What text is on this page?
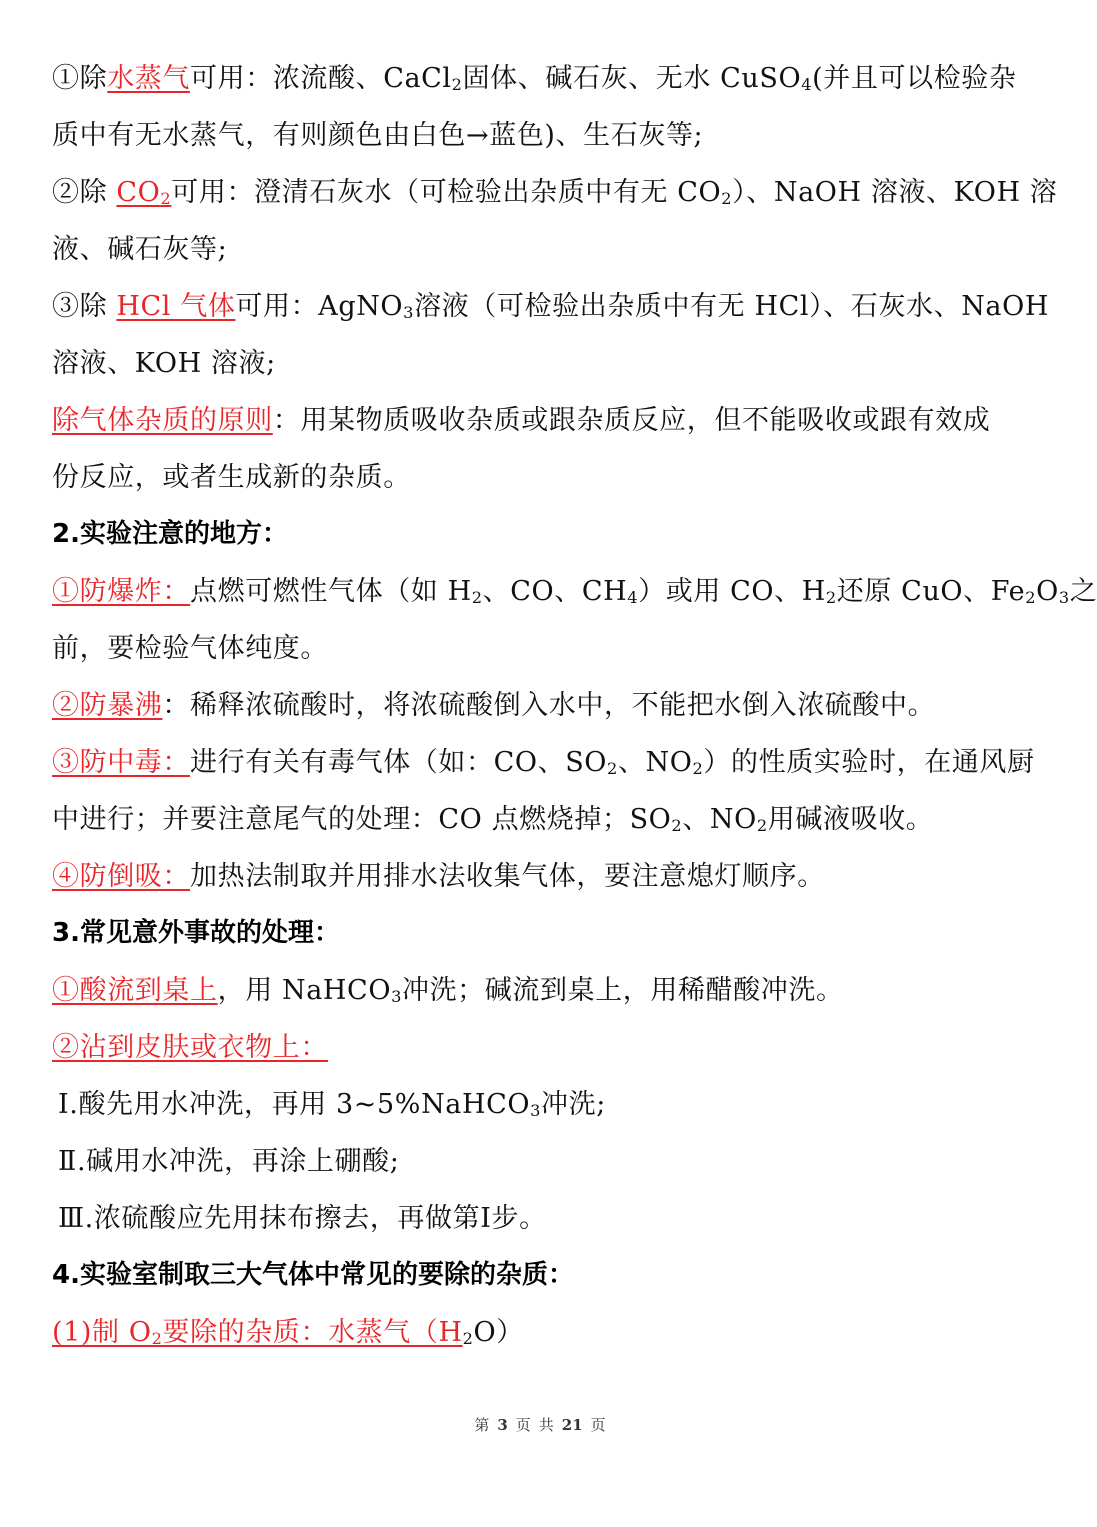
①除水蒸气可用：浓流酸、CaCl$_2$固体、碱石灰、无水 CuSO$_4$(并且可以检验杂
质中有无水蒸气，有则颜色由白色→蓝色)、生石灰等;
②除 $CO_2$可用：澄清石灰水（可检验出杂质中有无 $CO_2$）、NaOH 溶液、KOH 溶
液、碱石灰等;
③除 HCl 气体可用：AgNO$_3$溶液（可检验出杂质中有无 HCl）、石灰水、NaOH
溶液、KOH 溶液;
除气体杂质的原则：用某物质吸收杂质或跟杂质反应，但不能吸收或跟有效成
份反应，或者生成新的杂质。
2.实验注意的地方：
①防爆炸：点燃可燃性气体（如 $H_2$、CO、$CH_4$）或用 CO、$H_2$还原 CuO、$Fe_2O_3$之
前，要检验气体纯度。
②防暴沸：稀释浓硫酸时，将浓硫酸倒入水中，不能把水倒入浓硫酸中。
③防中毒：进行有关有毒气体（如：CO、$SO_2$、$NO_2$）的性质实验时，在通风厨
中进行；并要注意尾气的处理：CO 点燃烧掉；$SO_2$、$NO_2$用碱液吸收。
④防倒吸：加热法制取并用排水法收集气体，要注意熄灯顺序。
3.常见意外事故的处理：
①酸流到桌上，用 NaHCO$_3$冲洗；碱流到桌上，用稀醋酸冲洗。
②沾到皮肤或衣物上：
Ⅰ.酸先用水冲洗，再用 3~5%NaHCO$_3$冲洗;
Ⅱ.碱用水冲洗，再涂上硼酸;
Ⅲ.浓硫酸应先用抹布擦去，再做第Ⅰ步。
4.实验室制取三大气体中常见的要除的杂质：
(1)制 $O_2$要除的杂质：水蒸气$(H_2O)$
第 3 页 共 21 页
